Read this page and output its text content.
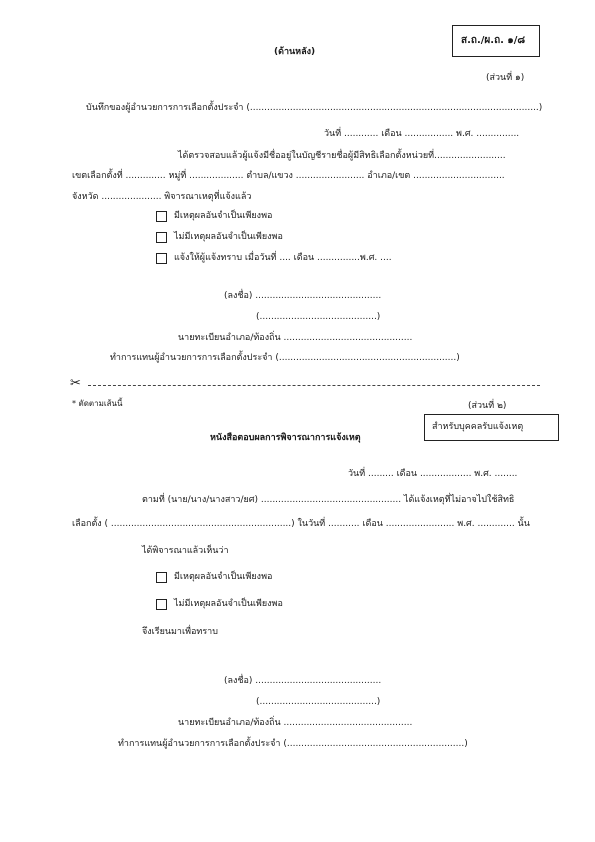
ส.ถ./ผ.ถ. ๑/๘
(ด้านหลัง)
(ส่วนที่ ๑)
บันทึกของผู้อำนวยการการเลือกตั้งประจำ (.....................................................................................................)
วันที่ ............ เดือน ................. พ.ศ. ...............
ได้ตรวจสอบแล้วผู้แจ้งมีชื่ออยู่ในบัญชีรายชื่อผู้มีสิทธิเลือกตั้งหน่วยที่.........................
เขตเลือกตั้งที่ .............. หมู่ที่ ................... ตำบล/แขวง ........................ อำเภอ/เขต ................................
จังหวัด ..................... พิจารณาเหตุที่แจ้งแล้ว
มีเหตุผลอันจำเป็นเพียงพอ
ไม่มีเหตุผลอันจำเป็นเพียงพอ
แจ้งให้ผู้แจ้งทราบ เมื่อวันที่ .... เดือน ...............พ.ศ. ....
(ลงชื่อ) ............................................
(.........................................)
นายทะเบียนอำเภอ/ท้องถิ่น .............................................
ทำการแทนผู้อำนวยการการเลือกตั้งประจำ (..............................................................)
✂
* ตัดตามเส้นนี้	(ส่วนที่ ๒)
สำหรับบุคคลรับแจ้งเหตุ
หนังสือตอบผลการพิจารณาการแจ้งเหตุ
วันที่ ......... เดือน .................. พ.ศ. ........
ตามที่ (นาย/นาง/นางสาว/ยศ) ................................................. ได้แจ้งเหตุที่ไม่อาจไปใช้สิทธิ
เลือกตั้ง ( ...............................................................) ในวันที่ ........... เดือน ........................ พ.ศ. ............. นั้น
ได้พิจารณาแล้วเห็นว่า
มีเหตุผลอันจำเป็นเพียงพอ
ไม่มีเหตุผลอันจำเป็นเพียงพอ
จึงเรียนมาเพื่อทราบ
(ลงชื่อ) ............................................
(.........................................)
นายทะเบียนอำเภอ/ท้องถิ่น .............................................
ทำการแทนผู้อำนวยการการเลือกตั้งประจำ (..............................................................)
